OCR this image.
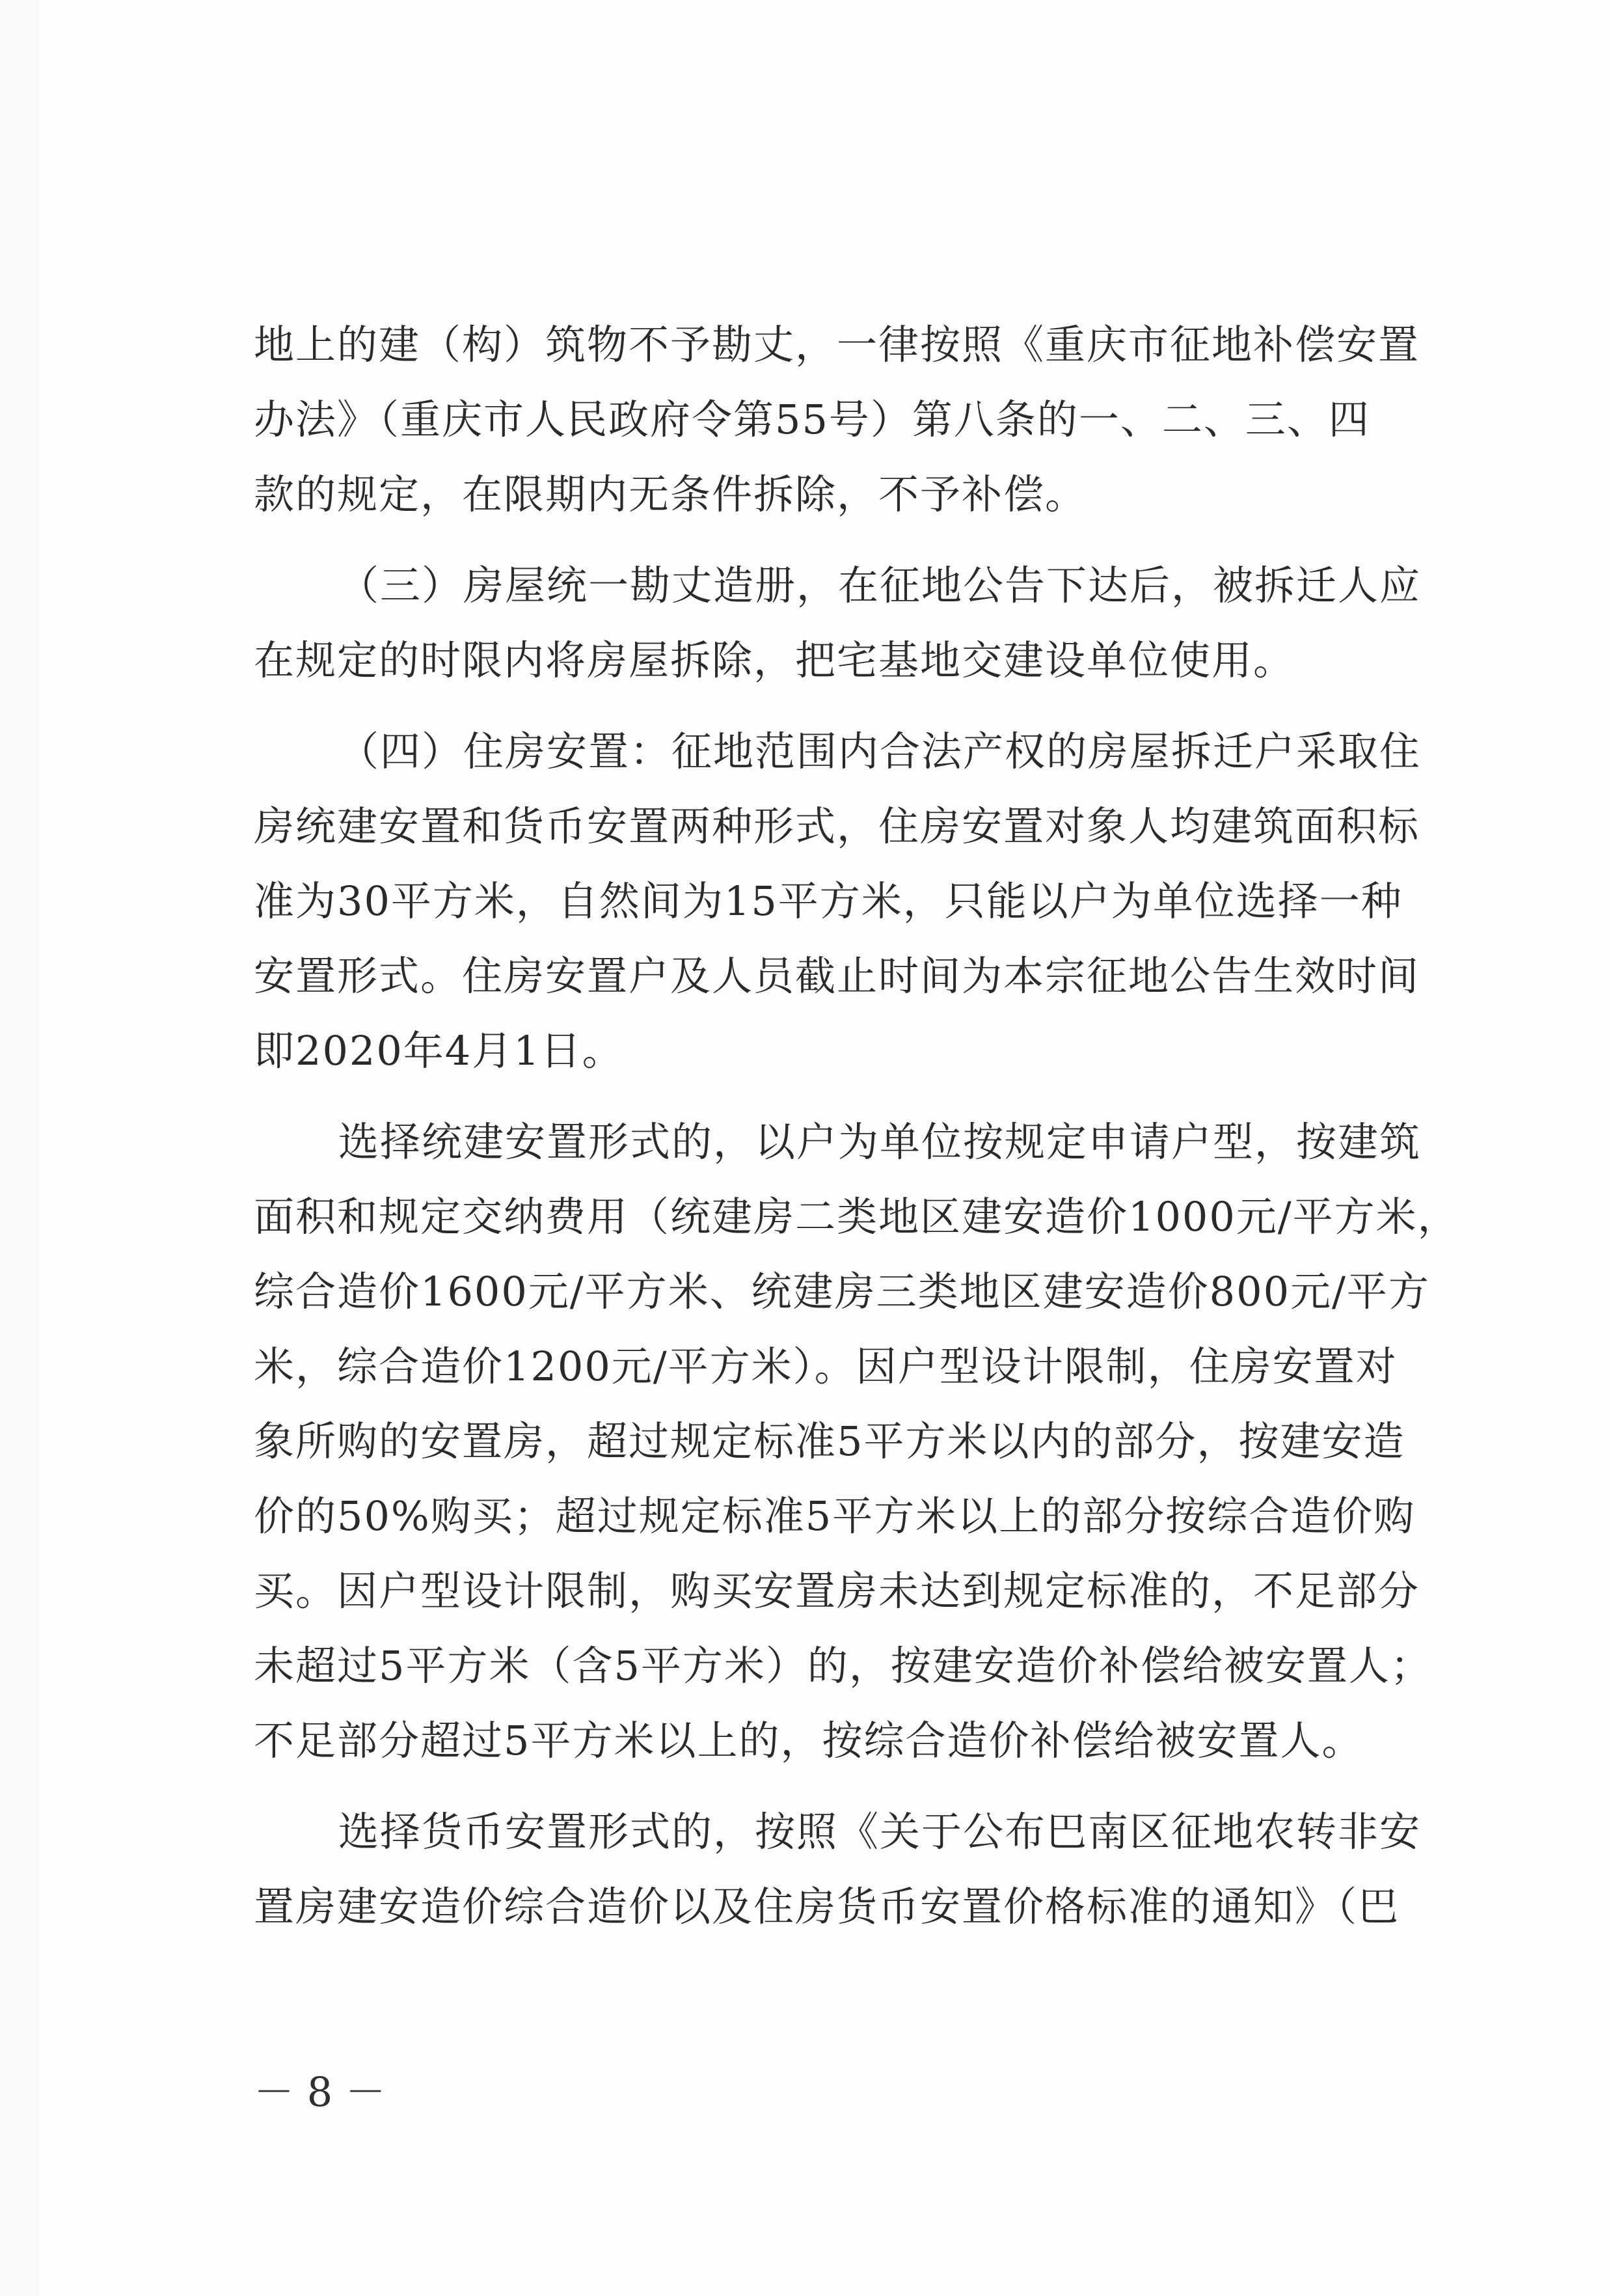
地上的建（构）筑物不予勘丈，一律按照《重庆市征地补偿安置
办法》（重庆市人民政府令第55号）第八条的一、二、三、四
款的规定，在限期内无条件拆除，不予补偿。
（三）房屋统一勘丈造册，在征地公告下达后，被拆迁人应
在规定的时限内将房屋拆除，把宅基地交建设单位使用。
（四）住房安置：征地范围内合法产权的房屋拆迁户采取住
房统建安置和货币安置两种形式，住房安置对象人均建筑面积标
准为30平方米，自然间为15平方米，只能以户为单位选择一种
安置形式。住房安置户及人员截止时间为本宗征地公告生效时间
即2020年4月1日。
选择统建安置形式的，以户为单位按规定申请户型，按建筑
面积和规定交纳费用（统建房二类地区建安造价1000元/平方米，
综合造价1600元/平方米、统建房三类地区建安造价800元/平方
米，综合造价1200元/平方米）。因户型设计限制，住房安置对
象所购的安置房，超过规定标准5平方米以内的部分，按建安造
价的50%购买；超过规定标准5平方米以上的部分按综合造价购
买。因户型设计限制，购买安置房未达到规定标准的，不足部分
未超过5平方米（含5平方米）的，按建安造价补偿给被安置人；
不足部分超过5平方米以上的，按综合造价补偿给被安置人。
选择货币安置形式的，按照《关于公布巴南区征地农转非安
置房建安造价综合造价以及住房货币安置价格标准的通知》（巴
－ 8 －
